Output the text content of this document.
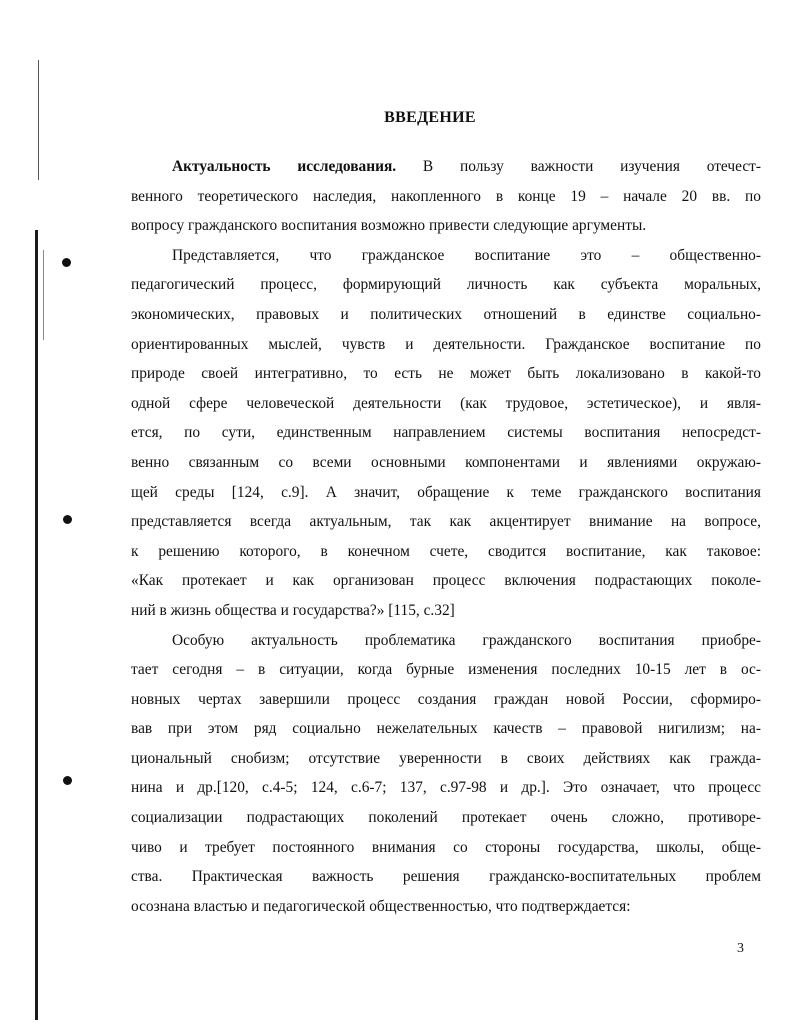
ВВЕДЕНИЕ
Актуальность исследования. В пользу важности изучения отечест-
венного теоретического наследия, накопленного в конце 19 – начале 20 вв. по
вопросу гражданского воспитания возможно привести следующие аргументы.
Представляется, что гражданское воспитание это – общественно-
педагогический процесс, формирующий личность как субъекта моральных,
экономических, правовых и политических отношений в единстве социально-
ориентированных мыслей, чувств и деятельности. Гражданское воспитание по
природе своей интегративно, то есть не может быть локализовано в какой-то
одной сфере человеческой деятельности (как трудовое, эстетическое), и явля-
ется, по сути, единственным направлением системы воспитания непосредст-
венно связанным со всеми основными компонентами и явлениями окружаю-
щей среды [124, с.9]. А значит, обращение к теме гражданского воспитания
представляется всегда актуальным, так как акцентирует внимание на вопросе,
к решению которого, в конечном счете, сводится воспитание, как таковое:
«Как протекает и как организован процесс включения подрастающих поколе-
ний в жизнь общества и государства?» [115, с.32]
Особую актуальность проблематика гражданского воспитания приобре-
тает сегодня – в ситуации, когда бурные изменения последних 10-15 лет в ос-
новных чертах завершили процесс создания граждан новой России, сформиро-
вав при этом ряд социально нежелательных качеств – правовой нигилизм; на-
циональный снобизм; отсутствие уверенности в своих действиях как гражда-
нина и др.[120, с.4-5; 124, с.6-7; 137, с.97-98 и др.]. Это означает, что процесс
социализации подрастающих поколений протекает очень сложно, противоре-
чиво и требует постоянного внимания со стороны государства, школы, обще-
ства. Практическая важность решения гражданско-воспитательных проблем
осознана властью и педагогической общественностью, что подтверждается:
3
